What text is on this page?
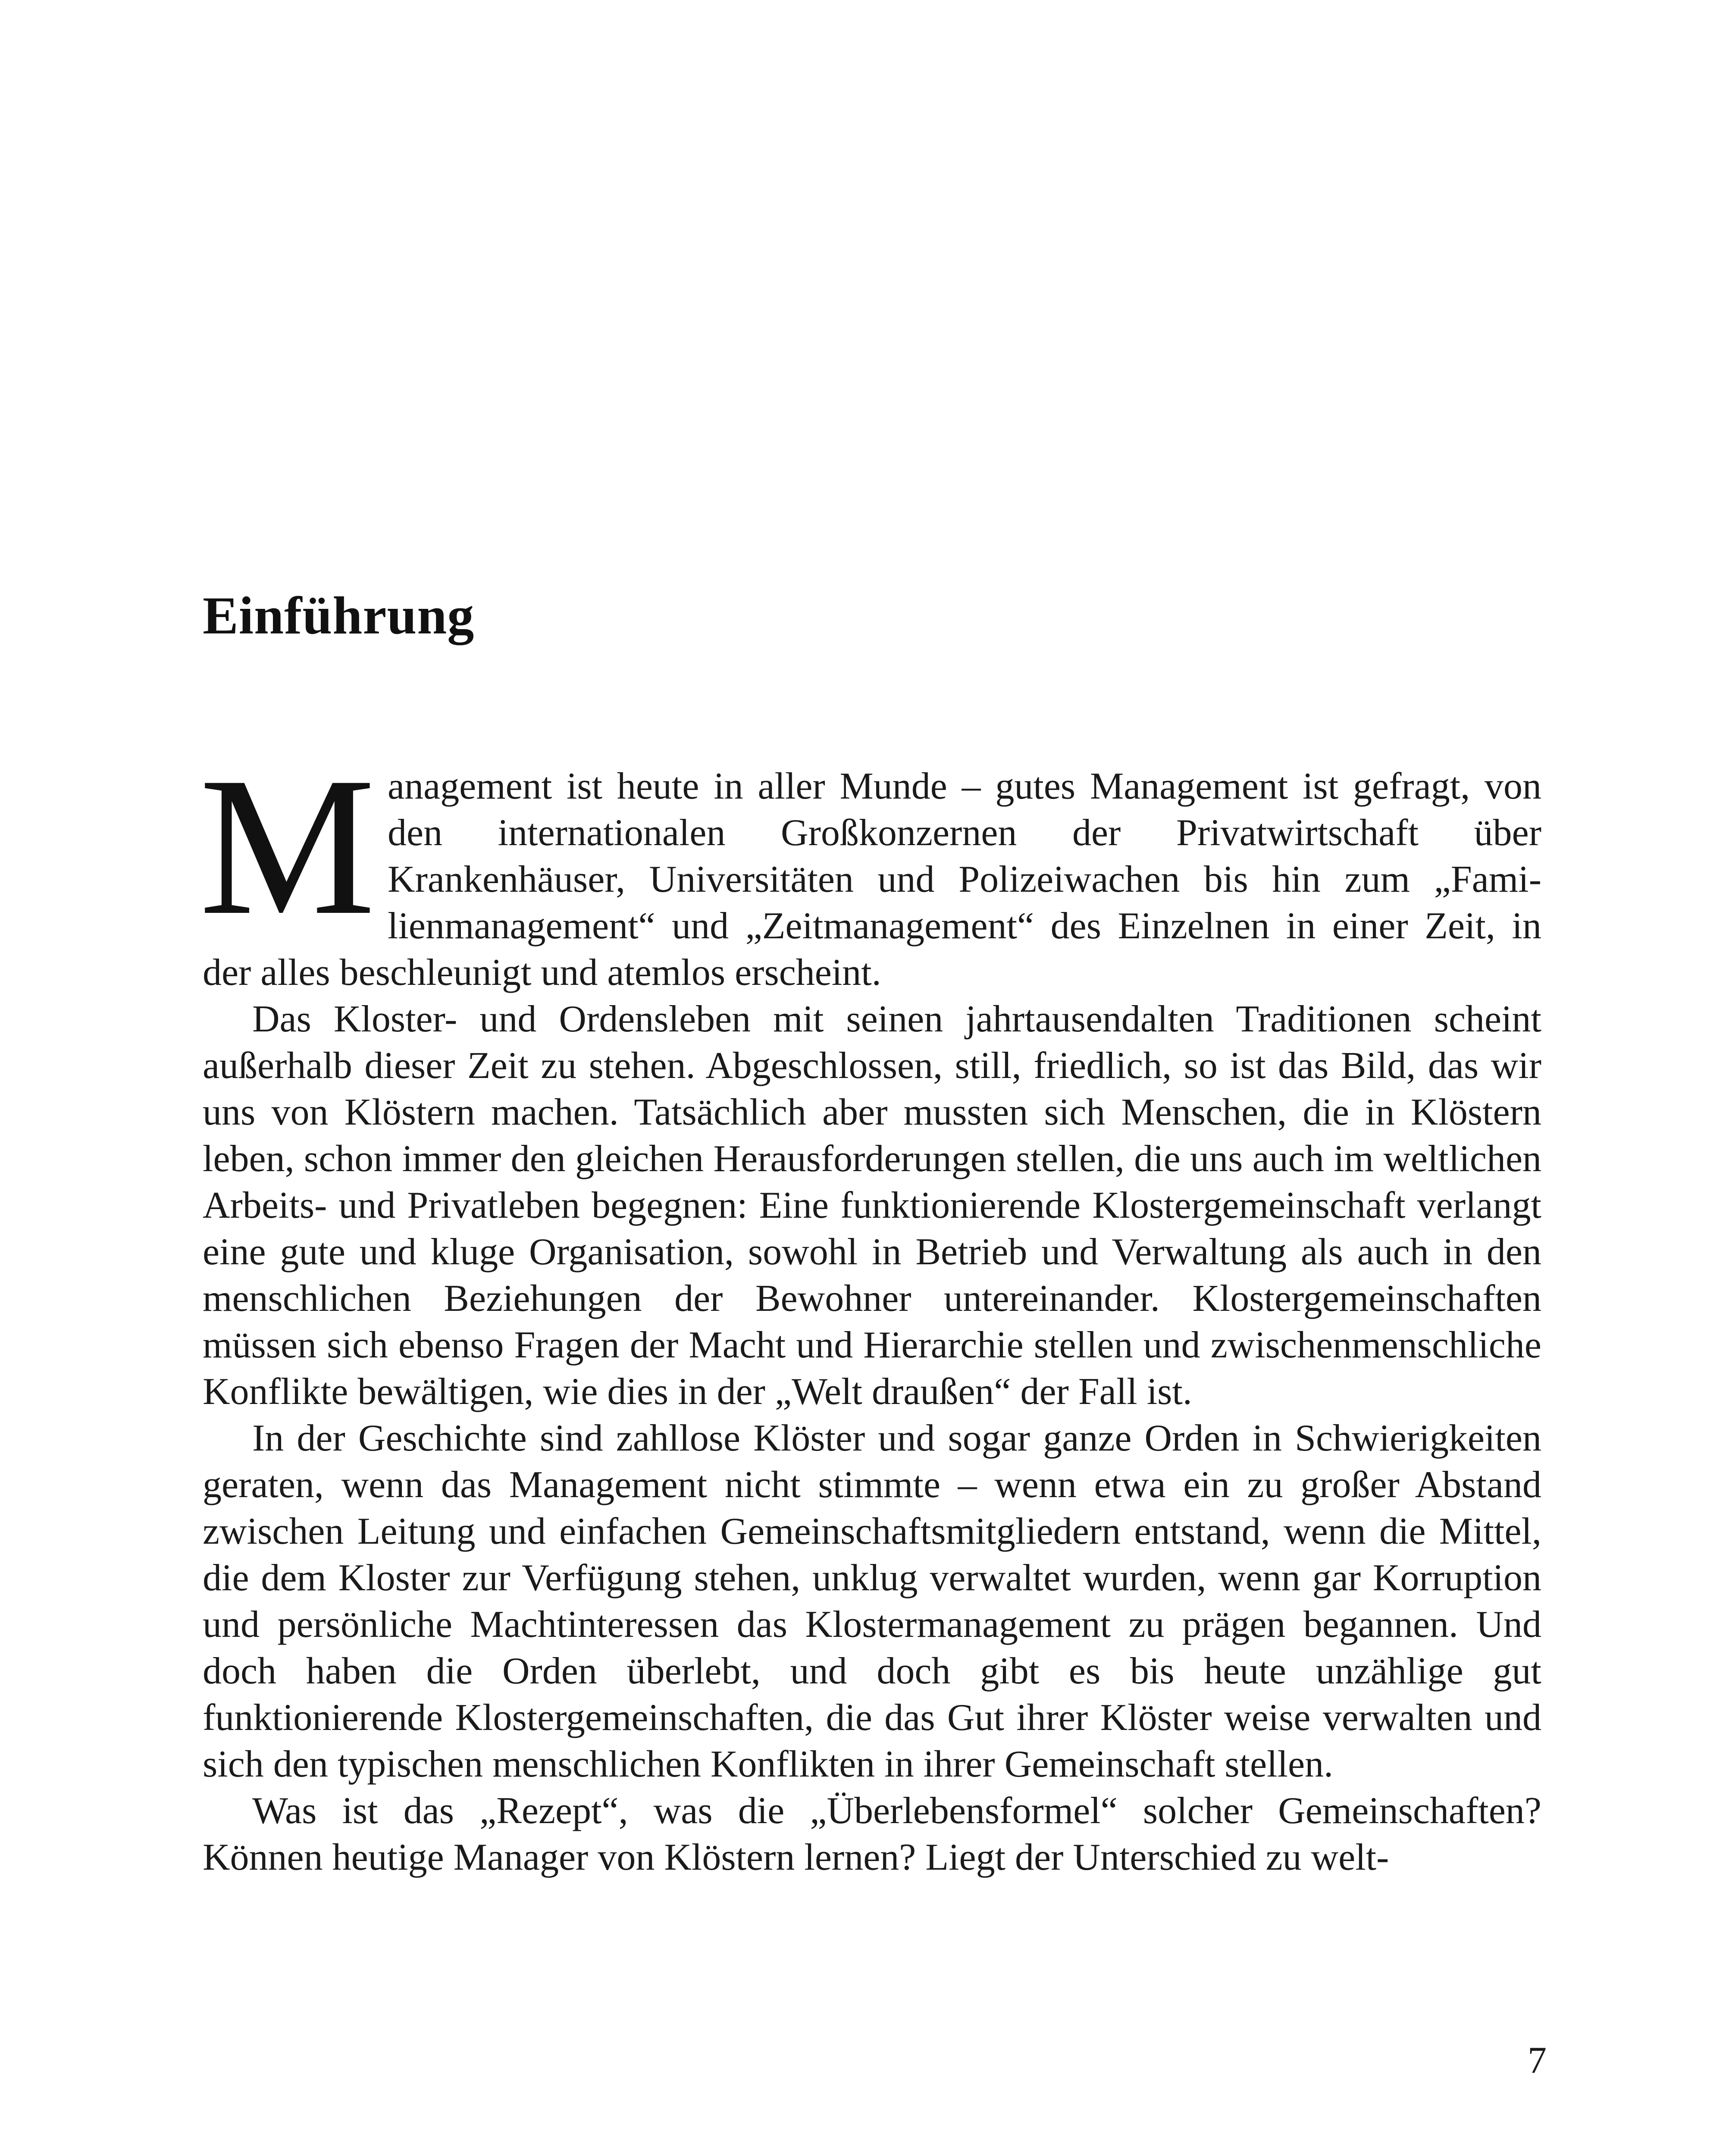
Einführung

Management ist heute in aller Munde – gutes Management ist gefragt, von den internationalen Großkonzernen der Privatwirtschaft über Krankenhäuser, Universitäten und Polizeiwachen bis hin zum „Familienmanagement“ und „Zeitmanagement“ des Einzelnen in einer Zeit, in der alles beschleunigt und atemlos erscheint.

Das Kloster- und Ordensleben mit seinen jahrtausendalten Traditionen scheint außerhalb dieser Zeit zu stehen. Abgeschlossen, still, friedlich, so ist das Bild, das wir uns von Klöstern machen. Tatsächlich aber mussten sich Menschen, die in Klöstern leben, schon immer den gleichen Herausforderungen stellen, die uns auch im weltlichen Arbeits- und Privatleben begegnen: Eine funktionierende Klostergemeinschaft verlangt eine gute und kluge Organisation, sowohl in Betrieb und Verwaltung als auch in den menschlichen Beziehungen der Bewohner untereinander. Klostergemeinschaften müssen sich ebenso Fragen der Macht und Hierarchie stellen und zwischenmenschliche Konflikte bewältigen, wie dies in der „Welt draußen“ der Fall ist.

In der Geschichte sind zahllose Klöster und sogar ganze Orden in Schwierigkeiten geraten, wenn das Management nicht stimmte – wenn etwa ein zu großer Abstand zwischen Leitung und einfachen Gemeinschaftsmitgliedern entstand, wenn die Mittel, die dem Kloster zur Verfügung stehen, unklug verwaltet wurden, wenn gar Korruption und persönliche Machtinteressen das Klostermanagement zu prägen begannen. Und doch haben die Orden überlebt, und doch gibt es bis heute unzählige gut funktionierende Klostergemeinschaften, die das Gut ihrer Klöster weise verwalten und sich den typischen menschlichen Konflikten in ihrer Gemeinschaft stellen.

Was ist das „Rezept“, was die „Überlebensformel“ solcher Gemeinschaften? Können heutige Manager von Klöstern lernen? Liegt der Unterschied zu welt-

7
